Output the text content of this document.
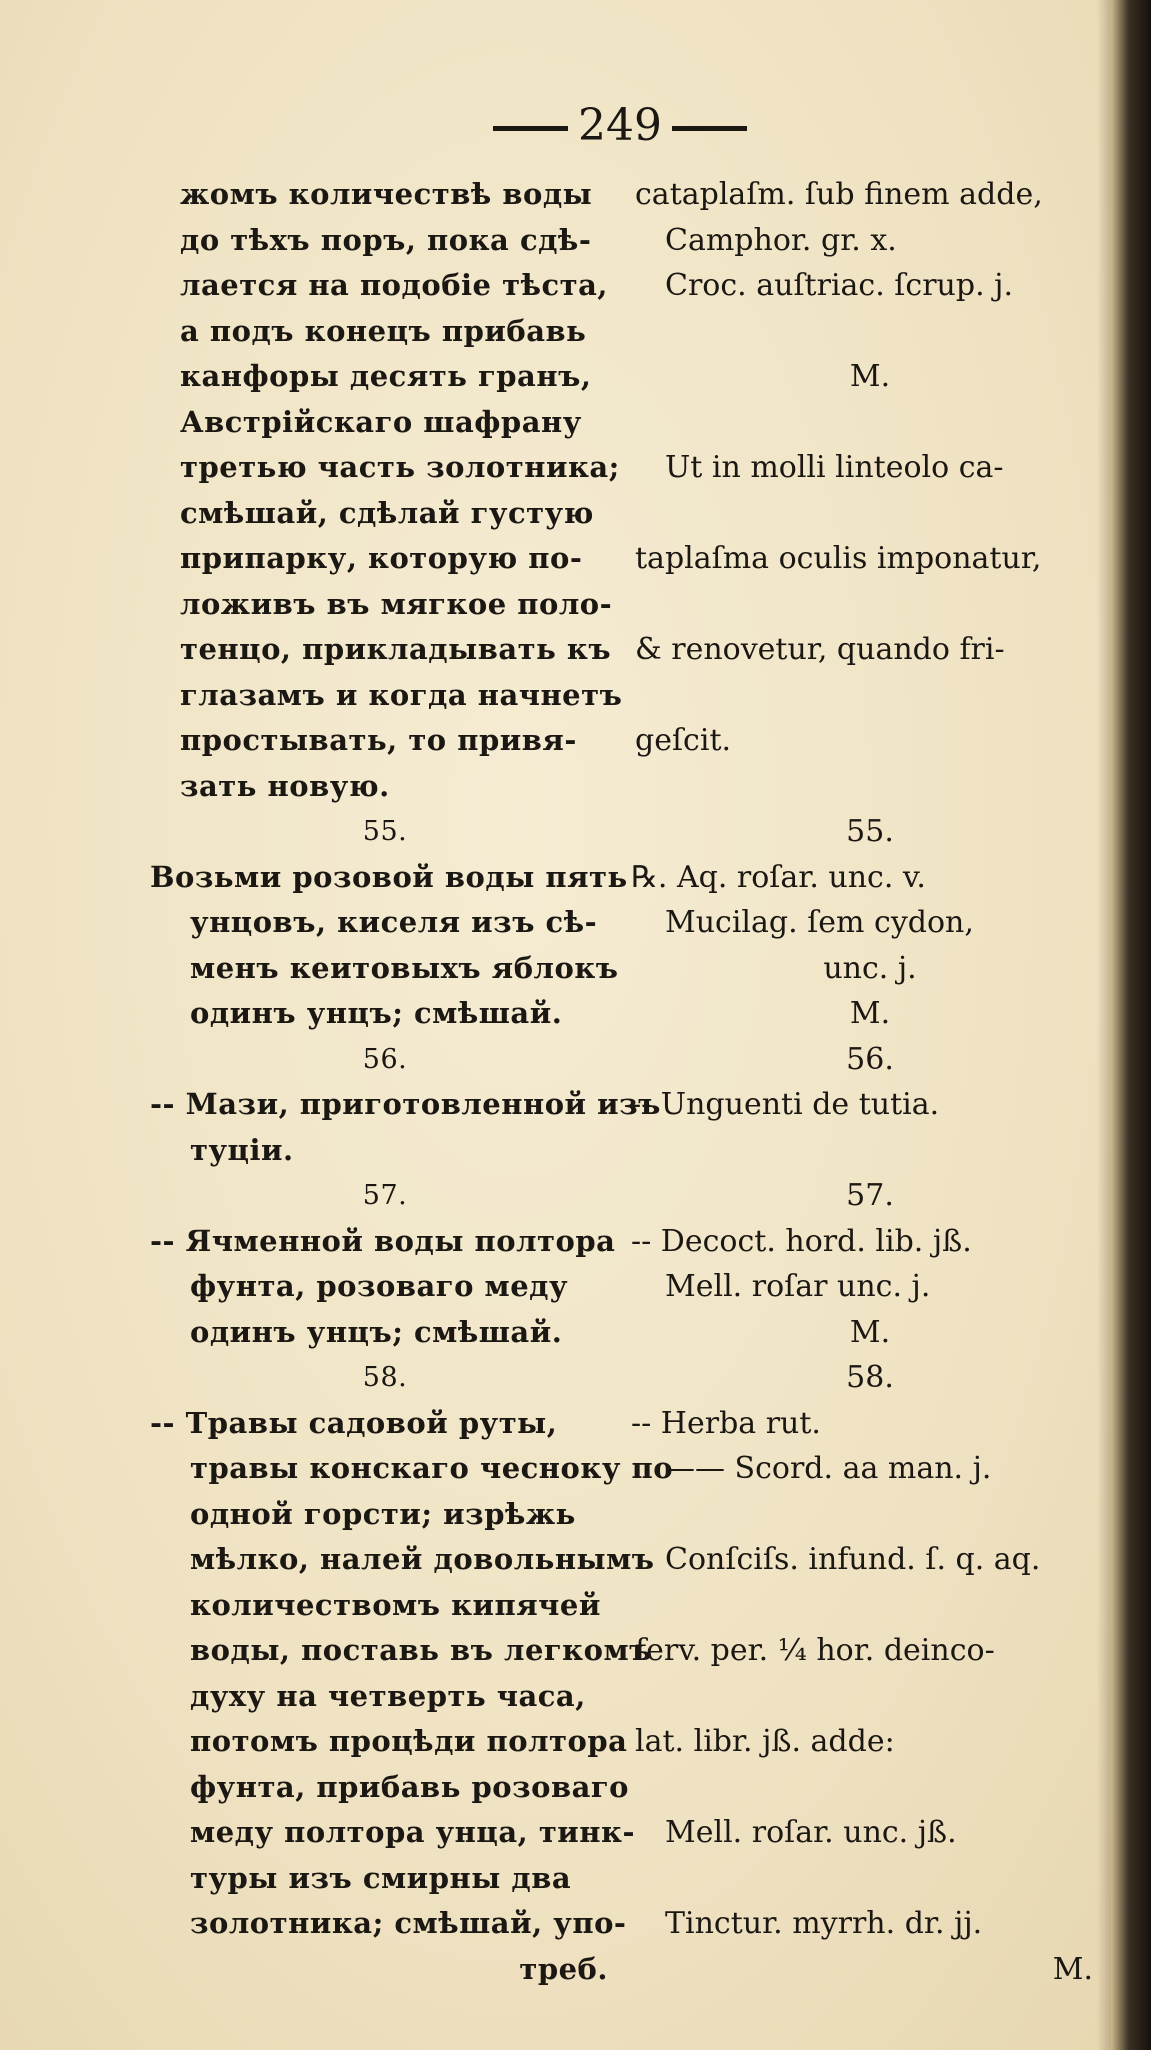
249
жомъ количествѣ воды
до тѣхъ поръ, пока сдѣ-
лается на подобіе тѣста,
а подъ конецъ прибавь
канфоры десять гранъ,
Австрійскаго шафрану
третью часть золотника;
смѣшай, сдѣлай густую
припарку, которую по-
ложивъ въ мягкое поло-
тенцо, прикладывать къ
глазамъ и когда начнетъ
простывать, то привя-
зать новую.
55.
Возьми розовой воды пять
унцовъ, киселя изъ сѣ-
менъ кеитовыхъ яблокъ
одинъ унцъ; смѣшай.
56.
-- Мази, приготовленной изъ
туціи.
57.
-- Ячменной воды полтора
фунта, розоваго меду
одинъ унцъ; смѣшай.
58.
-- Травы садовой руты,
травы конскаго чесноку по
одной горсти; изрѣжь
мѣлко, налей довольнымъ
количествомъ кипячей
воды, поставь въ легкомъ
духу на четверть часа,
потомъ процѣди полтора
фунта, прибавь розоваго
меду полтора унца, тинк-
туры изъ смирны два
золотника; смѣшай, упо-
треб.
cataplaſm. ſub finem adde,
Camphor. gr. x.
Croc. auſtriac. ſcrup. j.
M.
Ut in molli linteolo ca-
taplaſma oculis imponatur,
& renovetur, quando fri-
geſcit.
55.
℞. Aq. roſar. unc. v.
Mucilag. ſem cydon,
unc. j.
M.
56.
-- Unguenti de tutia.
57.
-- Decoct. hord. lib. jß.
Mell. roſar unc. j.
M.
58.
-- Herba rut.
—— Scord. aa man. j.
Conſciſs. infund. ſ. q. aq.
ferv. per. ¼ hor. deinco-
lat. libr. jß. adde:
Mell. roſar. unc. jß.
Tinctur. myrrh. dr. jj.
M.
